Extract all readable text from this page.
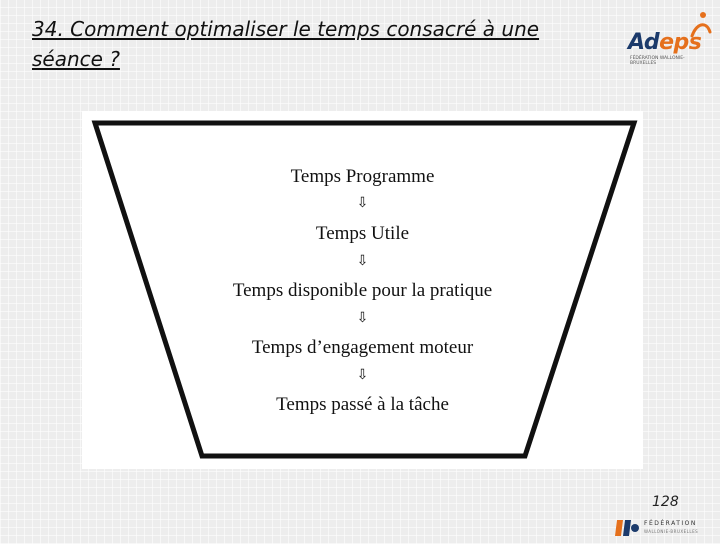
34. Comment optimaliser le temps consacré à une séance ?
Adeps
FÉDÉRATION WALLONIE-BRUXELLES
Temps Programme
⇩
Temps Utile
⇩
Temps disponible pour la pratique
⇩
Temps d’engagement moteur
⇩
Temps passé à la tâche
128
FÉDÉRATION
WALLONIE-BRUXELLES
